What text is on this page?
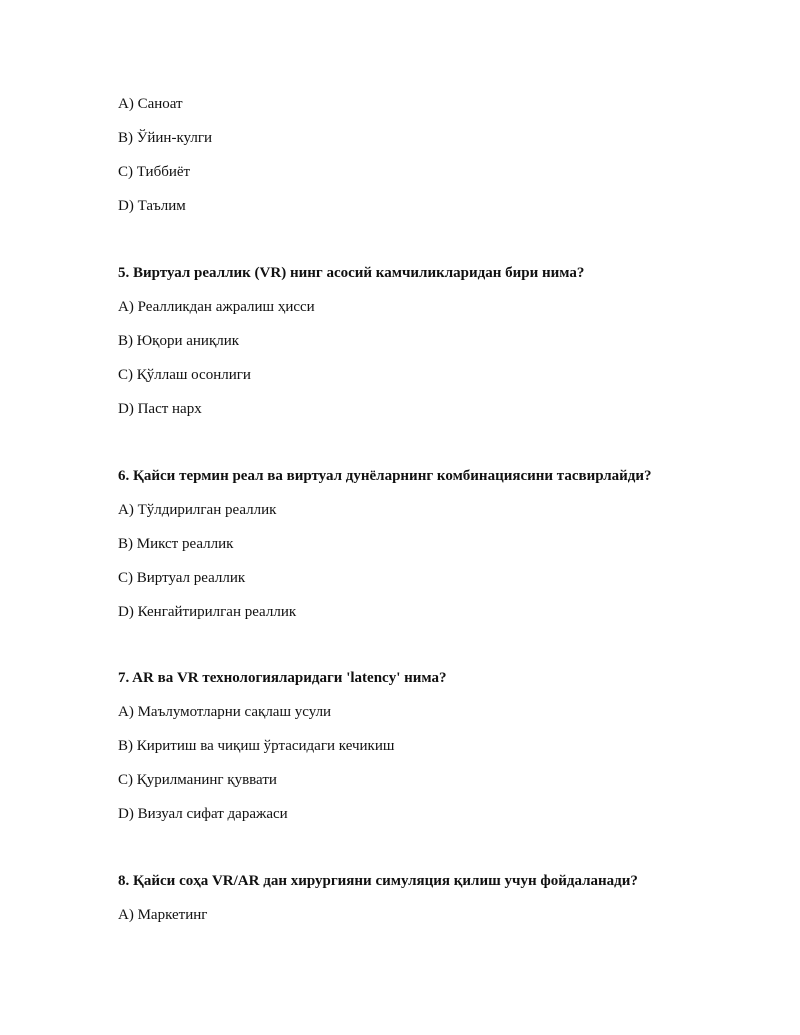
A) Саноат

B) Ўйин-кулги

C) Тиббиёт

D) Таълим

5. Виртуал реаллик (VR) нинг асосий камчиликларидан бири нима?

A) Реалликдан ажралиш ҳисси

B) Юқори аниқлик

C) Қўллаш осонлиги

D) Паст нарх

6. Қайси термин реал ва виртуал дунёларнинг комбинациясини тасвирлайди?

A) Тўлдирилган реаллик

B) Микст реаллик

C) Виртуал реаллик

D) Кенгайтирилган реаллик

7. AR ва VR технологияларидаги 'latency' нима?

A) Маълумотларни сақлаш усули

B) Киритиш ва чиқиш ўртасидаги кечикиш

C) Қурилманинг қуввати

D) Визуал сифат даражаси

8. Қайси соҳа VR/AR дан хирургияни симуляция қилиш учун фойдаланади?

A) Маркетинг
